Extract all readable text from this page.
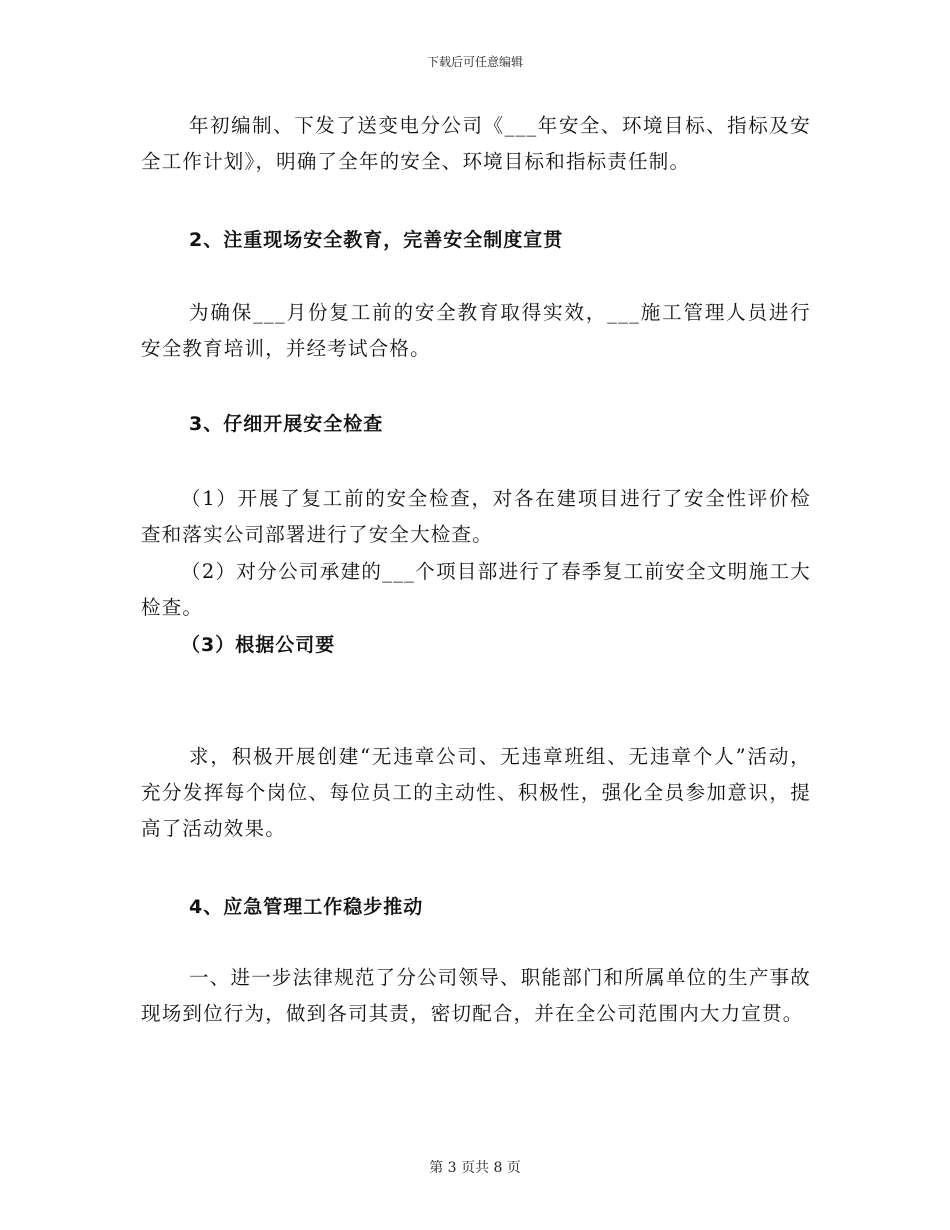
下载后可任意编辑

年初编制、下发了送变电分公司《___年安全、环境目标、指标及安全工作计划》，明确了全年的安全、环境目标和指标责任制。

2、注重现场安全教育，完善安全制度宣贯

为确保___月份复工前的安全教育取得实效，___施工管理人员进行安全教育培训，并经考试合格。

3、仔细开展安全检查

（1）开展了复工前的安全检查，对各在建项目进行了安全性评价检查和落实公司部署进行了安全大检查。

（2）对分公司承建的___个项目部进行了春季复工前安全文明施工大检查。

（3）根据公司要

求，积极开展创建“无违章公司、无违章班组、无违章个人”活动，充分发挥每个岗位、每位员工的主动性、积极性，强化全员参加意识，提高了活动效果。

4、应急管理工作稳步推动

一、进一步法律规范了分公司领导、职能部门和所属单位的生产事故现场到位行为，做到各司其责，密切配合，并在全公司范围内大力宣贯。

第 3 页共 8 页
